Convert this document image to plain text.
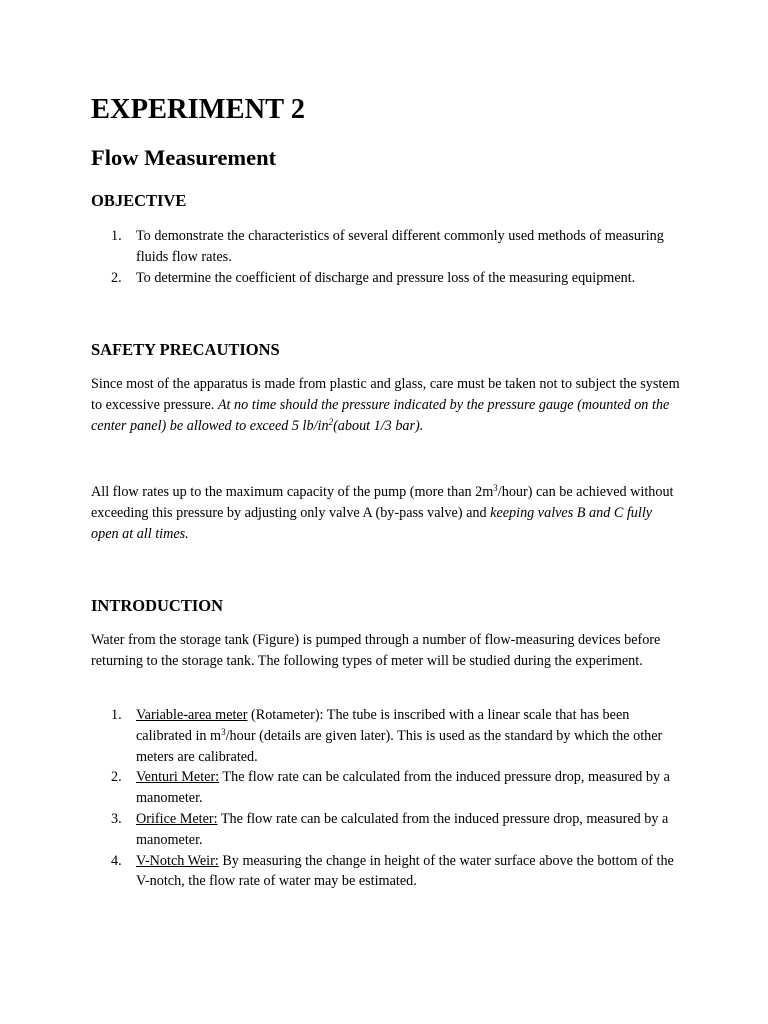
EXPERIMENT 2
Flow Measurement
OBJECTIVE
1. To demonstrate the characteristics of several different commonly used methods of measuring fluids flow rates.
2. To determine the coefficient of discharge and pressure loss of the measuring equipment.
SAFETY PRECAUTIONS

Since most of the apparatus is made from plastic and glass, care must be taken not to subject the system to excessive pressure. At no time should the pressure indicated by the pressure gauge (mounted on the center panel) be allowed to exceed 5 $lb/in^2(about$ 1/3 bar).

All flow rates up to the maximum capacity of the pump (more than $2m^3/hour$) can be achieved without exceeding this pressure by adjusting only valve A (by-pass valve) and keeping valves B and C fully open at all times.

INTRODUCTION

Water from the storage tank (Figure) is pumped through a number of flow-measuring devices before returning to the storage tank. The following types of meter will be studied during the experiment.

1. Variable-area meter (Rotameter): The tube is inscribed with a linear scale that has been calibrated in $m^3$/hour (details are given later). This is used as the standard by which the other meters are calibrated.
2. Venturi Meter: The flow rate can be calculated from the induced pressure drop, measured by a manometer.
3. Orifice Meter: The flow rate can be calculated from the induced pressure drop, measured by a manometer.
4. V-Notch Weir: By measuring the change in height of the water surface above the bottom of the V-notch, the flow rate of water may be estimated.
